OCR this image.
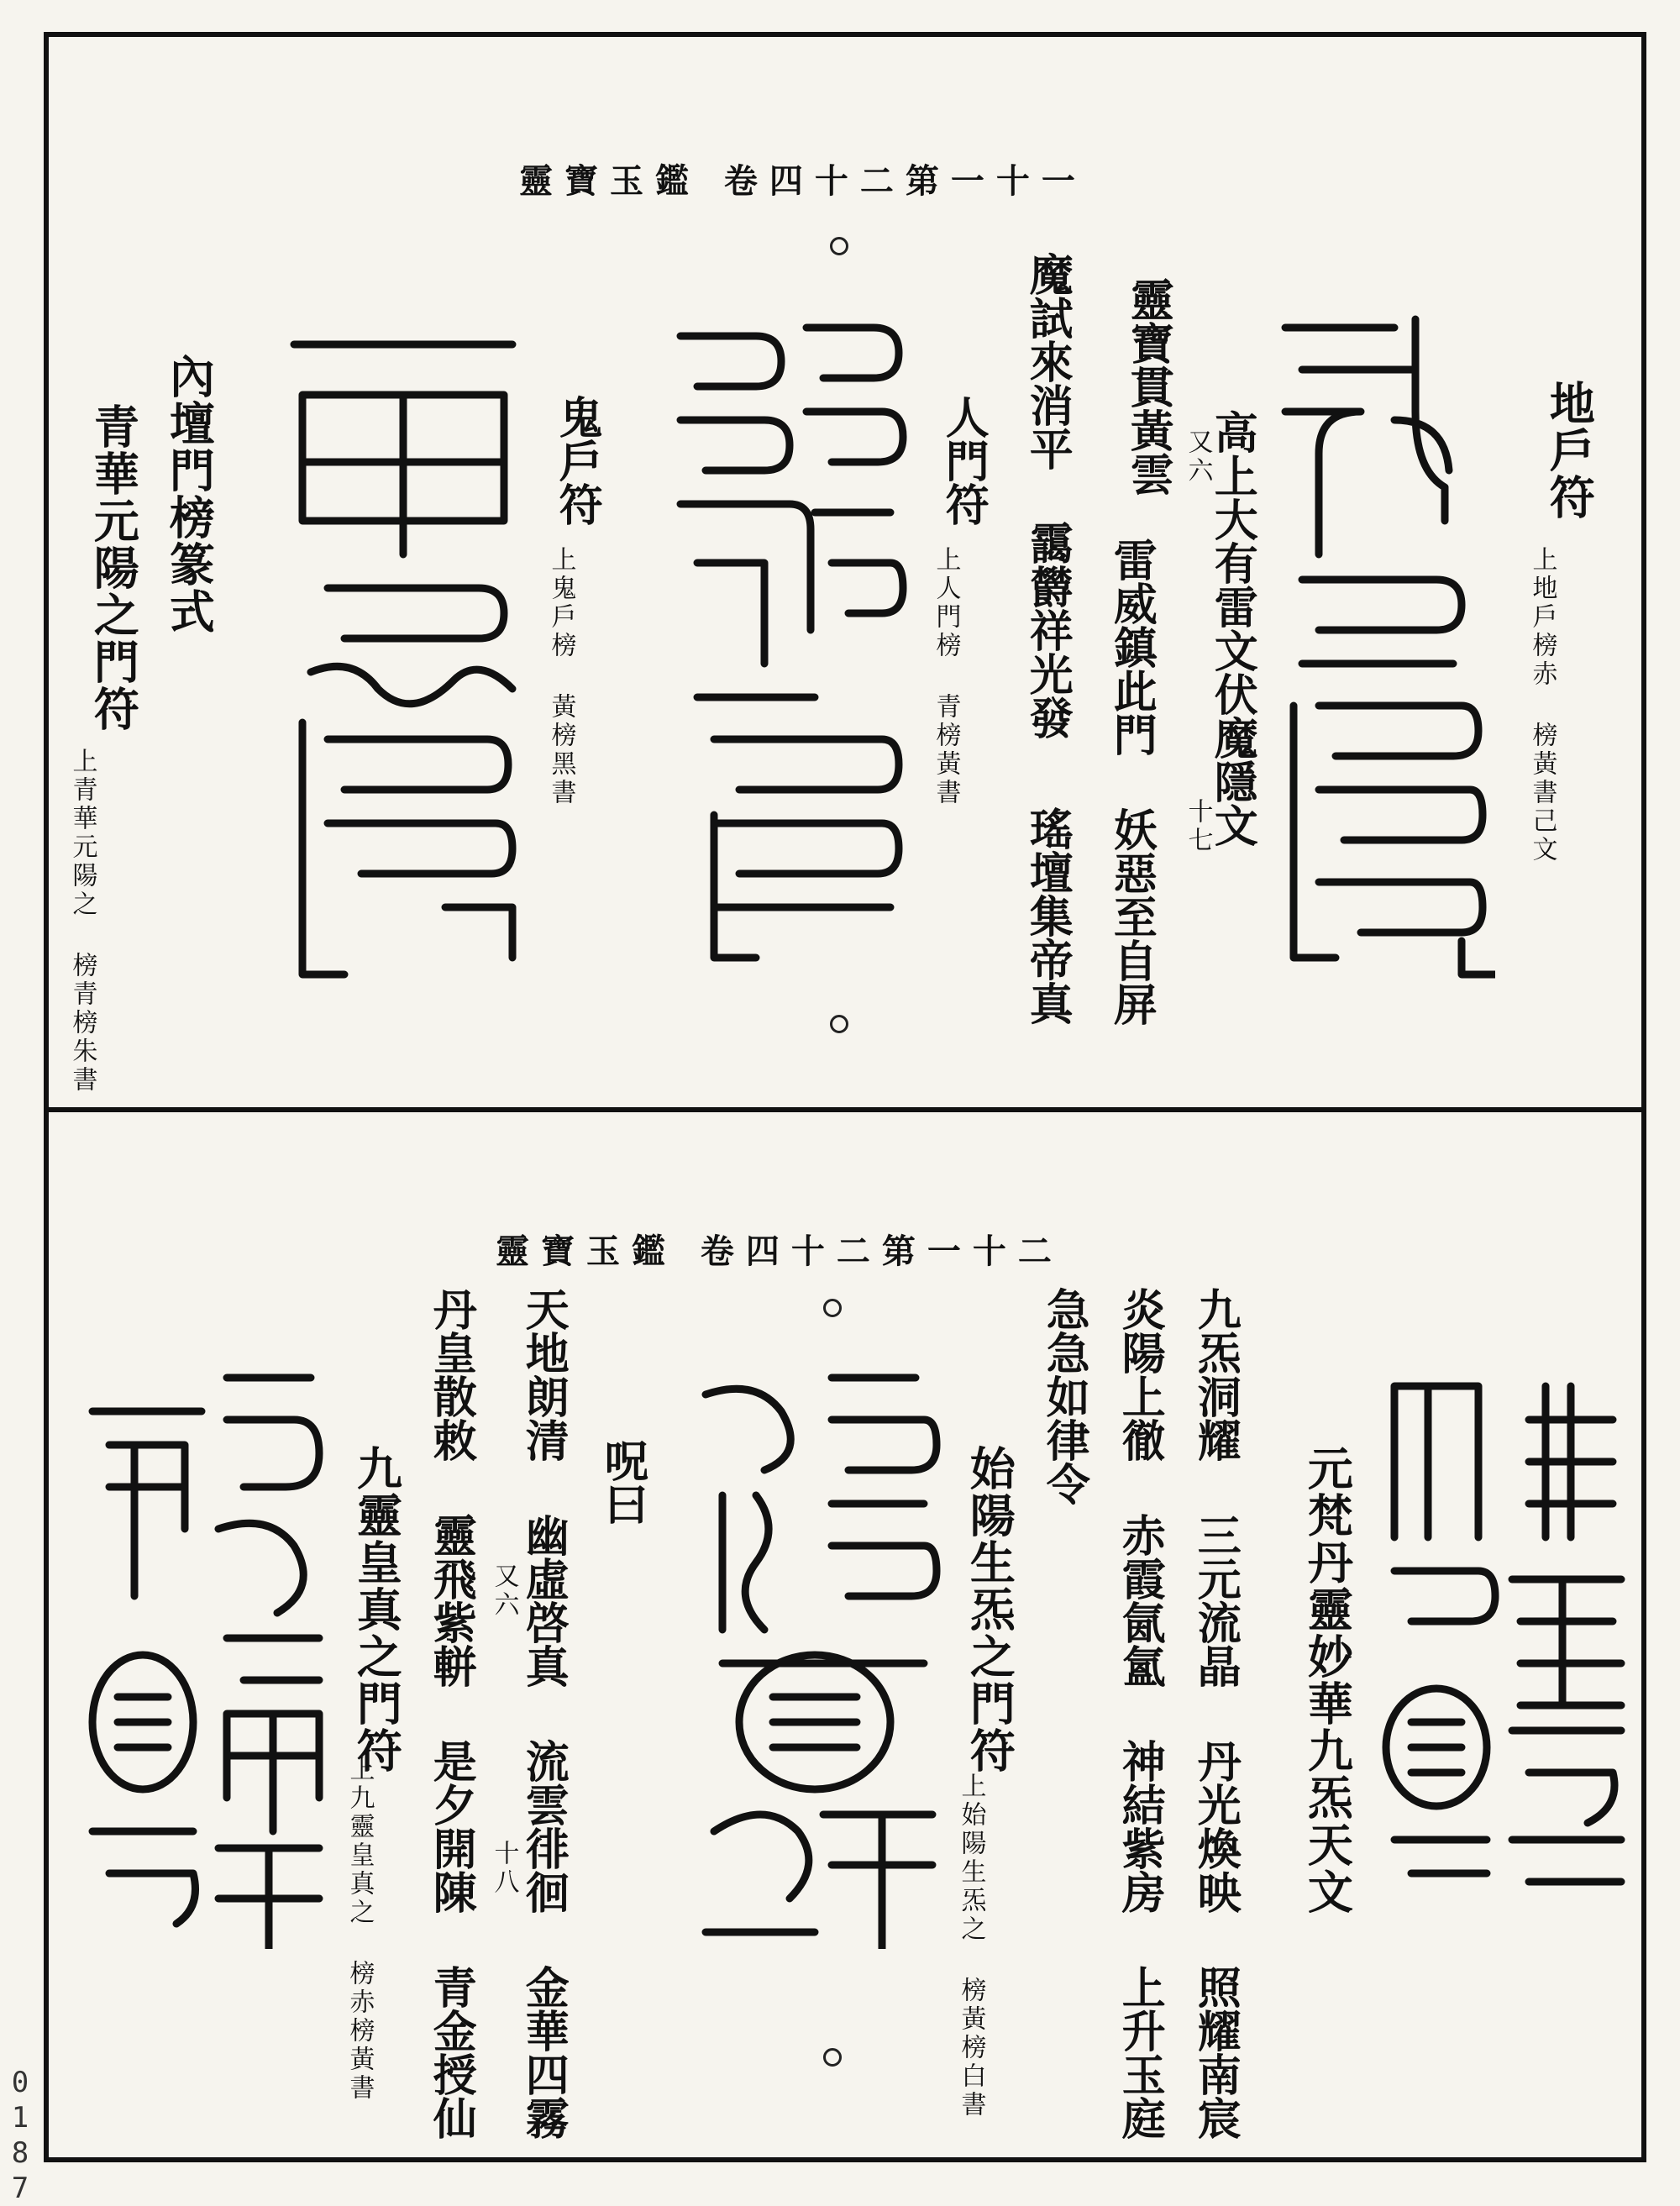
靈寶玉鑑 卷四十二第一十一
地戶符
上地戶榜赤 榜黃書己文
高上大有雷文伏魔隱文
雷威鎮此門 妖惡至自屏
又六
十七
靈寶貫黃雲
魔試來消平
靄欝祥光發
瑤壇集帝真
人門符
上人門榜 青榜黃書
鬼戶符
上鬼戶榜 黃榜黑書
內壇門榜篆式
青華元陽之門符
上青華元陽之 榜青榜朱書
靈寶玉鑑 卷四十二第一十二
元梵丹靈妙華九炁天文
九炁洞耀 三元流晶 丹光煥映 照耀南宸
炎陽上徹 赤霞氤氳 神結紫房 上升玉庭
急急如律令
始陽生炁之門符
上始陽生炁之 榜黃榜白書
呪曰
天地朗清 幽虛啓真 流雲徘徊 金華四霧
丹皇散敕 靈飛紫軿 是夕開陳 青金授仙 又六
十八
九靈皇真之門符
上九靈皇真之 榜赤榜黃書
0
1
8
7
